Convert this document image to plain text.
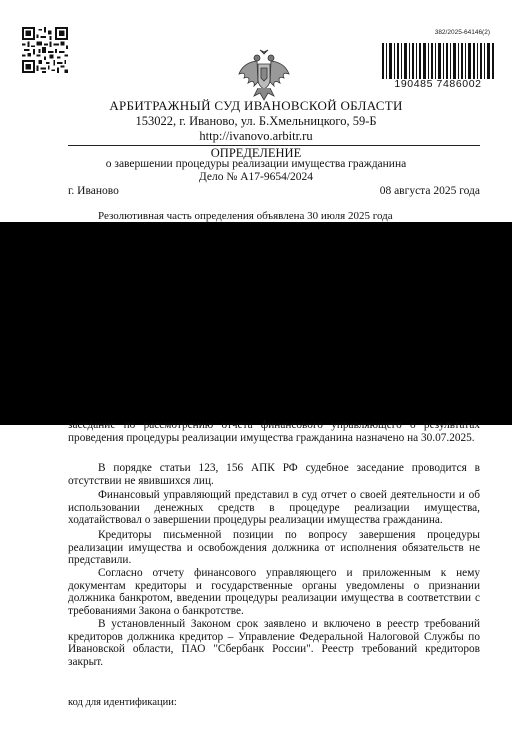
382/2025-64146(2)
190485 7486002
АРБИТРАЖНЫЙ СУД ИВАНОВСКОЙ ОБЛАСТИ
153022, г. Иваново, ул. Б.Хмельницкого, 59-Б
http://ivanovo.arbitr.ru
ОПРЕДЕЛЕНИЕ
о завершении процедуры реализации имущества гражданина
Дело № А17-9654/2024
г. Иваново	08 августа 2025 года
Резолютивная часть определения объявлена 30 июля 2025 года
заседание по рассмотрению отчета финансового управляющего о результатах проведения процедуры реализации имущества гражданина назначено на 30.07.2025.
В порядке статьи 123, 156 АПК РФ судебное заседание проводится в отсутствии не явившихся лиц.
Финансовый управляющий представил в суд отчет о своей деятельности и об использовании денежных средств в процедуре реализации имущества, ходатайствовал о завершении процедуры реализации имущества гражданина.
Кредиторы письменной позиции по вопросу завершения процедуры реализации имущества и освобождения должника от исполнения обязательств не представили.
Согласно отчету финансового управляющего и приложенным к нему документам кредиторы и государственные органы уведомлены о признании должника банкротом, введении процедуры реализации имущества в соответствии с требованиями Закона о банкротстве.
В установленный Законом срок заявлено и включено в реестр требований кредиторов должника кредитор – Управление Федеральной Налоговой Службы по Ивановской области, ПАО "Сбербанк России". Реестр требований кредиторов закрыт.
код для идентификации:
